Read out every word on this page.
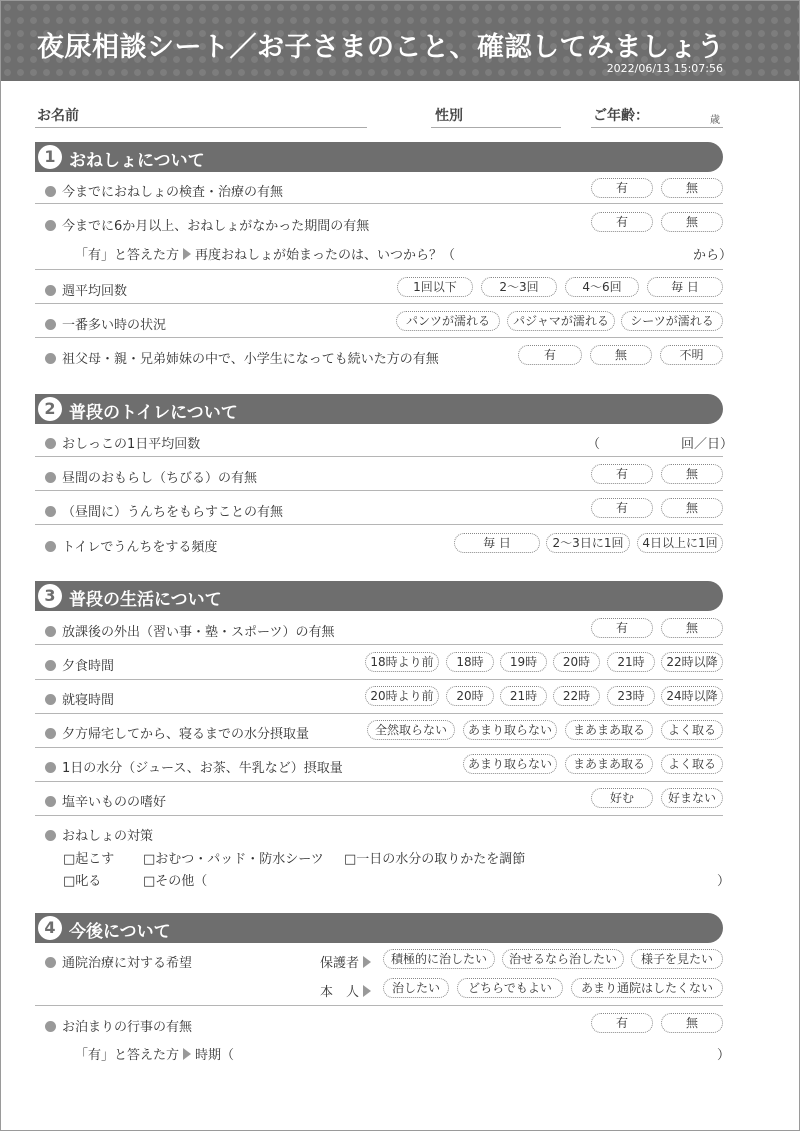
夜尿相談シート／お子さまのこと、確認してみましょう
2022/06/13 15:07:56
お名前	性別	ご年齢：	歳
1 おねしょについて
今までにおねしょの検査・治療の有無	有	無
今までに6か月以上、おねしょがなかった期間の有無	有	無
「有」と答えた方 再度おねしょが始まったのは、いつから？（	から）
週平均回数	1回以下	2〜3回	4〜6回	毎 日
一番多い時の状況	パンツが濡れる	パジャマが濡れる	シーツが濡れる
祖父母・親・兄弟姉妹の中で、小学生になっても続いた方の有無	有	無	不明
2 普段のトイレについて
おしっこの1日平均回数	（	回／日）
昼間のおもらし（ちびる）の有無	有	無
（昼間に）うんちをもらすことの有無	有	無
トイレでうんちをする頻度	毎 日	2〜3日に1回	4日以上に1回
3 普段の生活について
放課後の外出（習い事・塾・スポーツ）の有無	有	無
夕食時間	18時より前	18時	19時	20時	21時	22時以降
就寝時間	20時より前	20時	21時	22時	23時	24時以降
夕方帰宅してから、寝るまでの水分摂取量	全然取らない	あまり取らない	まあまあ取る	よく取る
1日の水分（ジュース、お茶、牛乳など）摂取量	あまり取らない	まあまあ取る	よく取る
塩辛いものの嗜好	好む	好まない
おねしょの対策
□起こす □おむつ・パッド・防水シーツ □一日の水分の取りかたを調節
□叱る	□その他（	）
4 今後について
通院治療に対する希望	保護者	積極的に治したい	治せるなら治したい	様子を見たい
本　人	治したい	どちらでもよい	あまり通院はしたくない
お泊まりの行事の有無	有	無
「有」と答えた方 時期（	）
